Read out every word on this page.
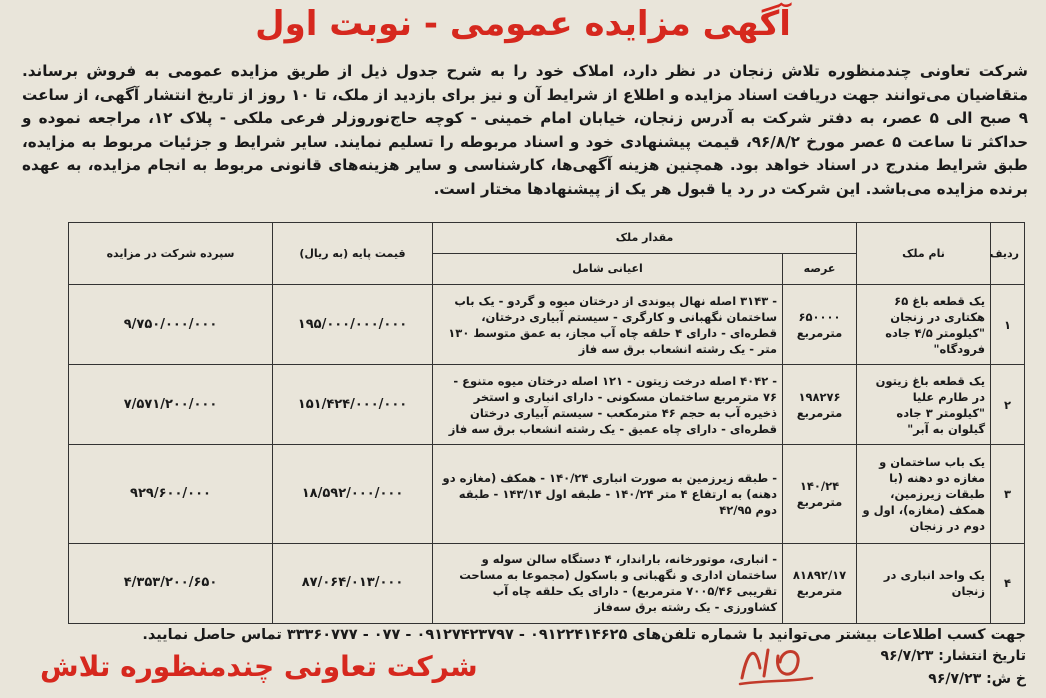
آگهی مزایده عمومی - نوبت اول
شرکت تعاونی چندمنظوره تلاش زنجان در نظر دارد، املاک خود را به شرح جدول ذیل از طریق مزایده عمومی به فروش برساند. متقاضیان می‌توانند جهت دریافت اسناد مزایده و اطلاع از شرایط آن و نیز برای بازدید از ملک، تا ۱۰ روز از تاریخ انتشار آگهی، از ساعت ۹ صبح الی ۵ عصر، به دفتر شرکت به آدرس زنجان، خیابان امام خمینی - کوچه حاج‌نوروزلر فرعی ملکی - پلاک ۱۲، مراجعه نموده و حداکثر تا ساعت ۵ عصر مورخ ۹۶/۸/۲، قیمت پیشنهادی خود و اسناد مربوطه را تسلیم نمایند. سایر شرایط و جزئیات مربوط به مزایده، طبق شرایط مندرج در اسناد خواهد بود. همچنین هزینه آگهی‌ها، کارشناسی و سایر هزینه‌های قانونی مربوط به انجام مزایده، به عهده برنده مزایده می‌باشد. این شرکت در رد یا قبول هر یک از پیشنهادها مختار است.
ردیف	نام ملک	مقدار ملک		قیمت پایه (به ریال)	سپرده شرکت در مزایده
		عرصه	اعیانی شامل		
۱	یک قطعه باغ ۶۵ هکتاری در زنجان "کیلومتر ۴/۵ جاده فرودگاه"	۶۵۰۰۰۰ مترمربع	- ۳۱۴۳ اصله نهال پیوندی از درختان میوه و گردو - یک باب ساختمان نگهبانی و کارگری - سیستم آبیاری درختان، قطره‌ای - دارای ۴ حلقه چاه آب مجاز، به عمق متوسط ۱۳۰ متر - یک رشته انشعاب برق سه فاز	۱۹۵/۰۰۰/۰۰۰/۰۰۰	۹/۷۵۰/۰۰۰/۰۰۰
۲	یک قطعه باغ زیتون در طارم علیا "کیلومتر ۳ جاده گیلوان به آبر"	۱۹۸۲۷۶ مترمربع	- ۴۰۴۲ اصله درخت زیتون - ۱۲۱ اصله درختان میوه متنوع - ۷۶ مترمربع ساختمان مسکونی - دارای انبارى و استخر ذخیره آب به حجم ۴۶ مترمکعب - سیستم آبیاری درختان قطره‌ای - دارای چاه عمیق - یک رشته انشعاب برق سه فاز	۱۵۱/۴۲۴/۰۰۰/۰۰۰	۷/۵۷۱/۲۰۰/۰۰۰
۳	یک باب ساختمان و مغازه دو دهنه (با طبقات زیرزمین، همکف (مغازه)، اول و دوم در زنجان	۱۴۰/۲۴ مترمربع	- طبقه زیرزمین به صورت انباری ۱۴۰/۲۴ - همکف (مغازه دو دهنه) به ارتفاع ۴ متر ۱۴۰/۲۴ - طبقه اول ۱۴۳/۱۴ - طبقه دوم ۴۲/۹۵	۱۸/۵۹۲/۰۰۰/۰۰۰	۹۲۹/۶۰۰/۰۰۰
۴	یک واحد انباری در زنجان	۸۱۸۹۲/۱۷ مترمربع	- انباری، موتورخانه، باراندار، ۴ دستگاه سالن سوله و ساختمان اداری و نگهبانی و باسکول (مجموعا به مساحت تقریبی ۷۰۰۵/۴۶ مترمربع) - دارای یک حلقه چاه آب کشاورزی - یک رشته برق سه‌فاز	۸۷/۰۶۴/۰۱۳/۰۰۰	۴/۳۵۳/۲۰۰/۶۵۰
جهت کسب اطلاعات بیشتر می‌توانید با شماره تلفن‌های ۰۹۱۲۲۴۱۴۶۲۵ - ۰۹۱۲۷۴۲۳۷۹۷ - ۰۷۷ - ۳۳۳۶۰۷۷۷ تماس حاصل نمایید.
تاریخ انتشار: ۹۶/۷/۲۳
خ ش: ۹۶/۷/۲۳
شرکت تعاونی چندمنظوره تلاش
